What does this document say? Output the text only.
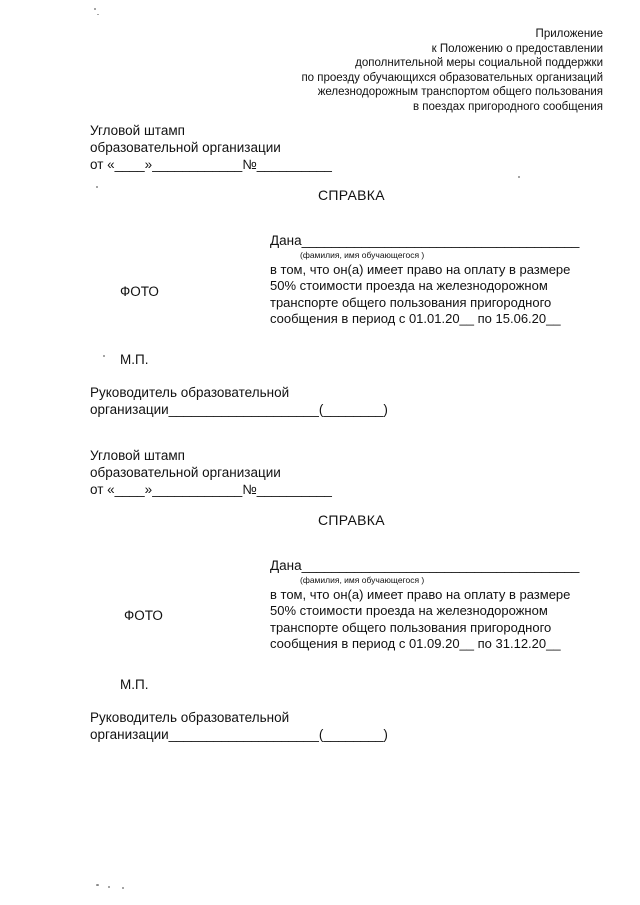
Приложение
к Положению о предоставлении
дополнительной меры социальной поддержки
по проезду обучающихся образовательных организаций
железнодорожным транспортом общего пользования
в поездах пригородного сообщения
Угловой штамп
образовательной организации
от «____»____________№__________
СПРАВКА
Дана_____________________________________
(фамилия, имя обучающегося )
в том, что он(а) имеет право на оплату в размере
50% стоимости проезда на железнодорожном
транспорте общего пользования пригородного
сообщения в период с 01.01.20__ по 15.06.20__
ФОТО
М.П.
Руководитель образовательной
организации____________________(________)
Угловой штамп
образовательной организации
от «____»____________№__________
СПРАВКА
Дана_____________________________________
(фамилия, имя обучающегося )
в том, что он(а) имеет право на оплату в размере
50% стоимости проезда на железнодорожном
транспорте общего пользования пригородного
сообщения в период с 01.09.20__ по 31.12.20__
ФОТО
М.П.
Руководитель образовательной
организации____________________(________)
